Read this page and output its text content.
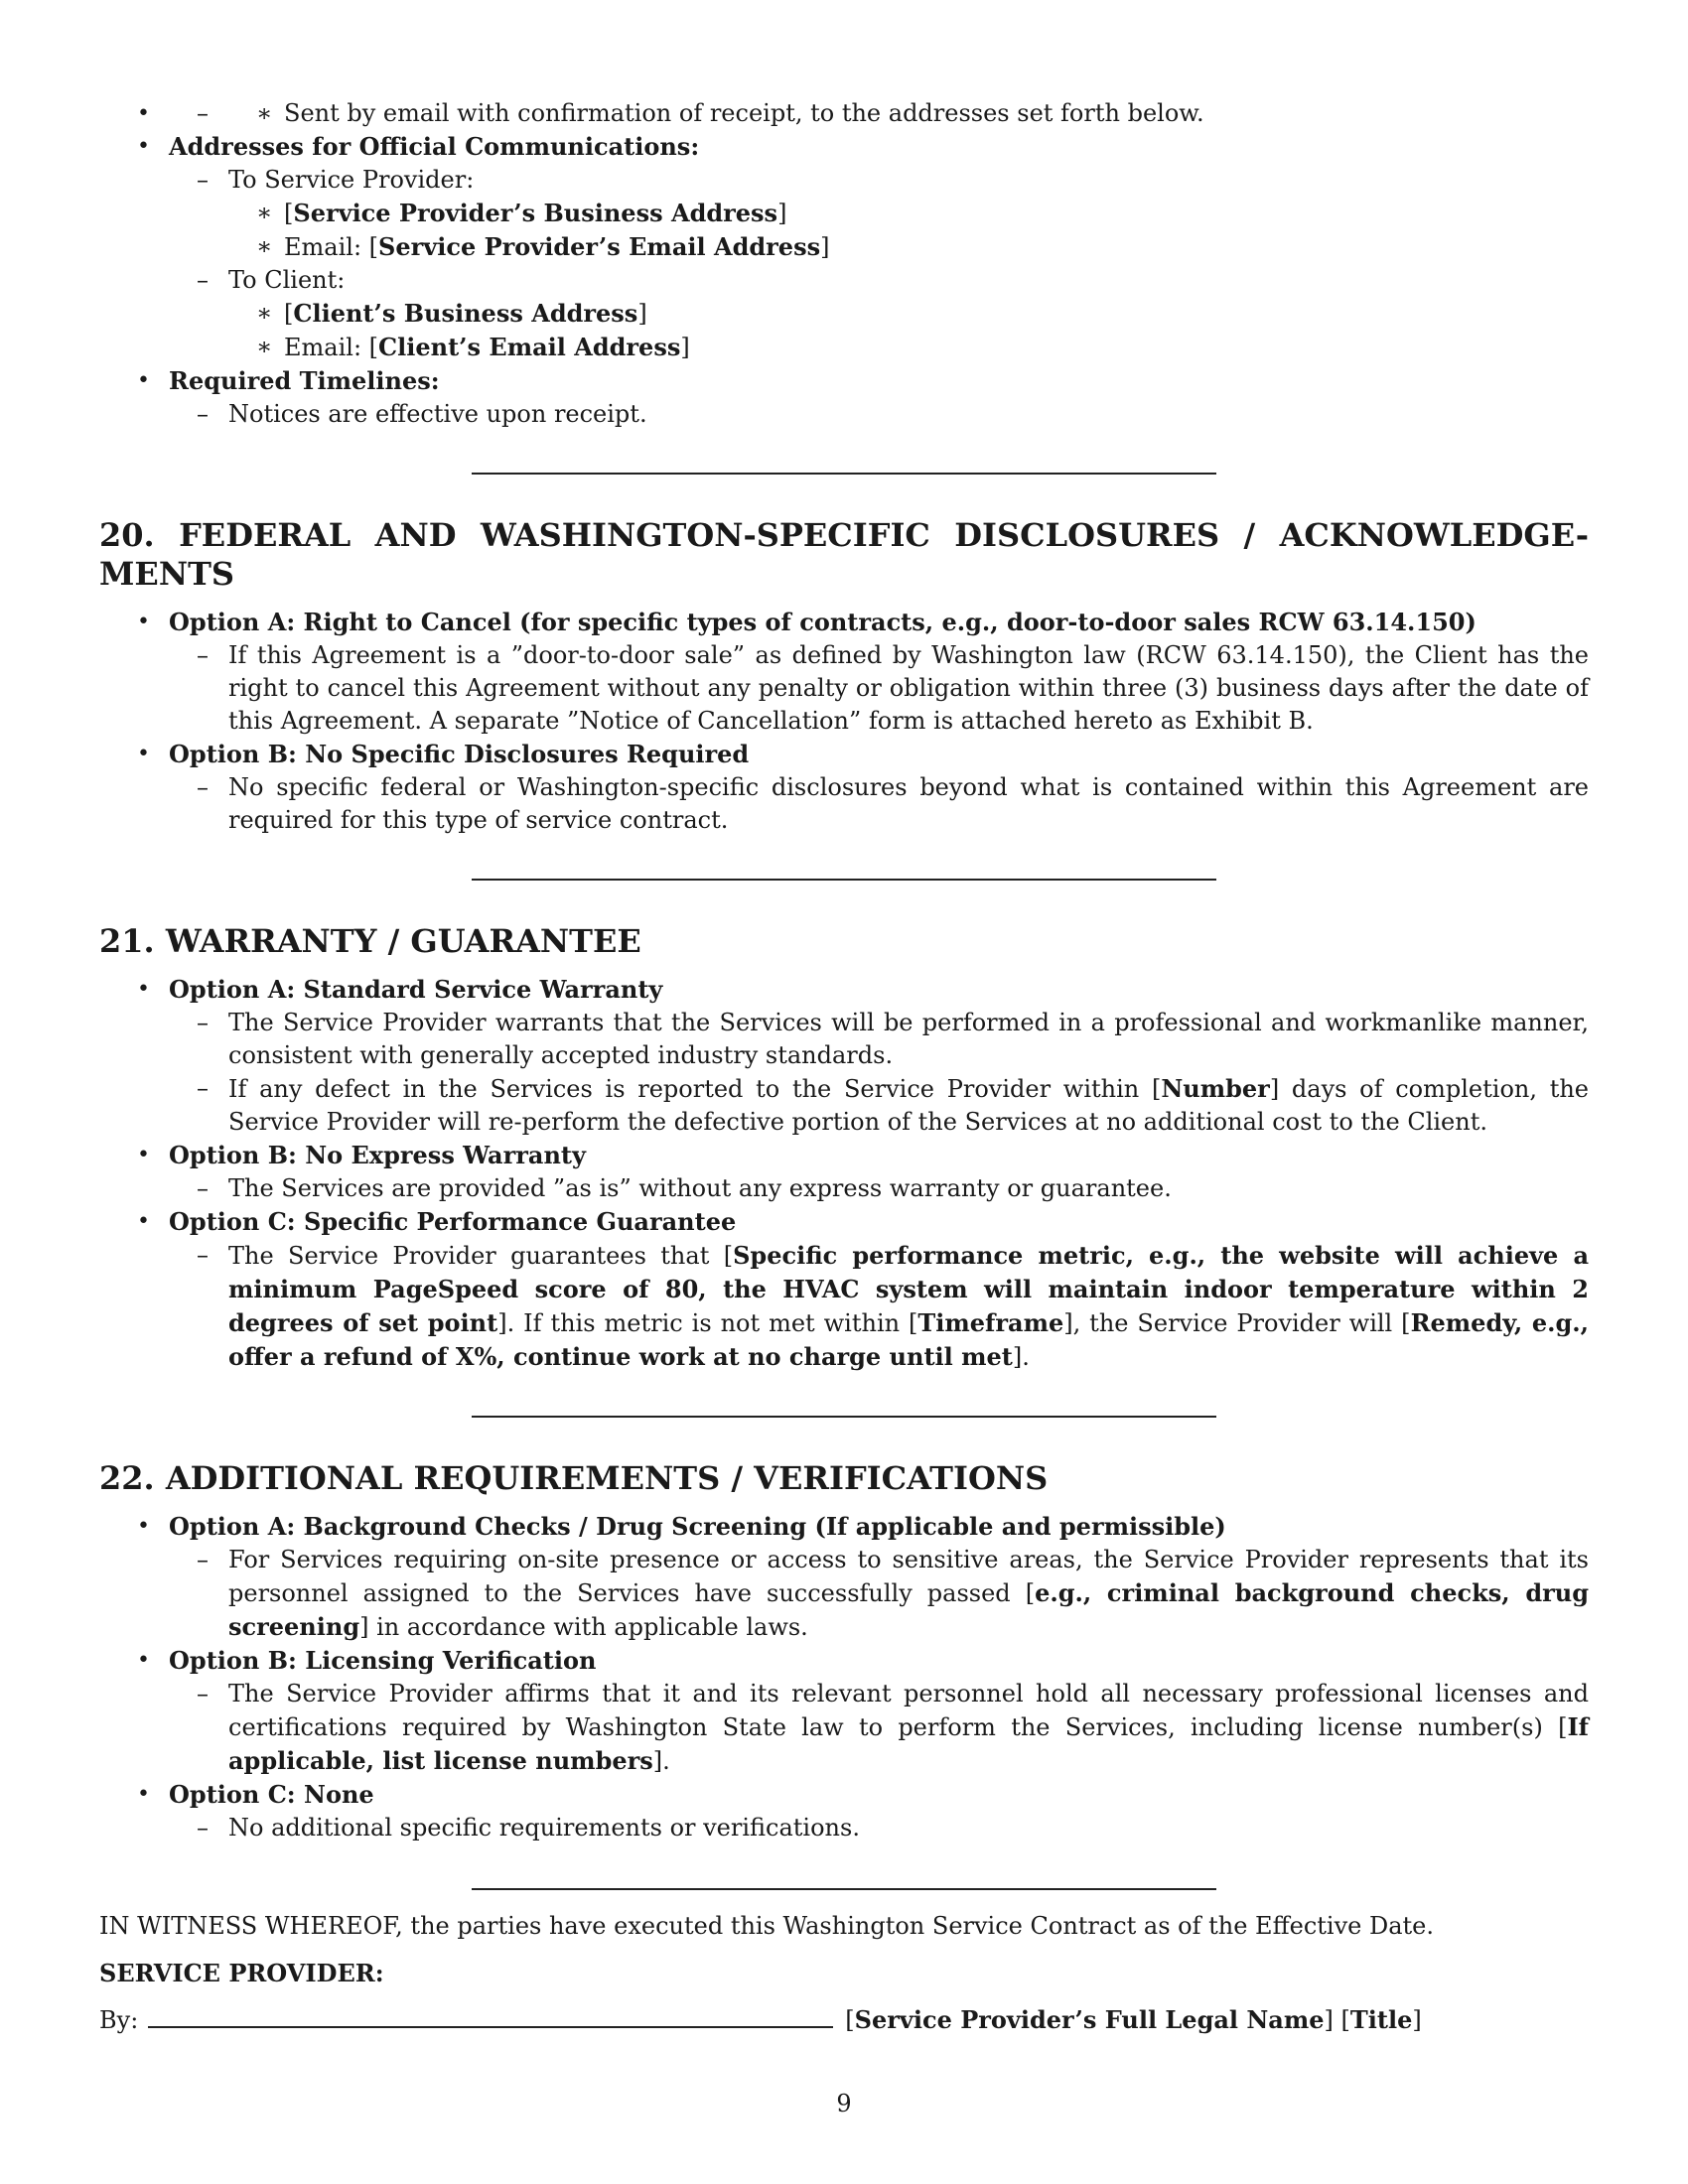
∗ – • Sent by email with confirmation of receipt, to the addresses set forth below.
• Addresses for Official Communications:
– To Service Provider:
∗ [Service Provider’s Business Address]
∗ Email: [Service Provider’s Email Address]
– To Client:
∗ [Client’s Business Address]
∗ Email: [Client’s Email Address]
• Required Timelines:
– Notices are effective upon receipt.
20. FEDERAL AND WASHINGTON-SPECIFIC DISCLOSURES / ACKNOWLEDGE-MENTS
• Option A: Right to Cancel (for specific types of contracts, e.g., door-to-door sales RCW 63.14.150)
– If this Agreement is a ”door-to-door sale” as defined by Washington law (RCW 63.14.150), the Client has the right to cancel this Agreement without any penalty or obligation within three (3) business days after the date of this Agreement. A separate ”Notice of Cancellation” form is attached hereto as Exhibit B.
• Option B: No Specific Disclosures Required
– No specific federal or Washington-specific disclosures beyond what is contained within this Agreement are required for this type of service contract.
21. WARRANTY / GUARANTEE
• Option A: Standard Service Warranty
– The Service Provider warrants that the Services will be performed in a professional and workmanlike manner, consistent with generally accepted industry standards.
– If any defect in the Services is reported to the Service Provider within [Number] days of completion, the Service Provider will re-perform the defective portion of the Services at no additional cost to the Client.
• Option B: No Express Warranty
– The Services are provided ”as is” without any express warranty or guarantee.
• Option C: Specific Performance Guarantee
– The Service Provider guarantees that [Specific performance metric, e.g., the website will achieve a minimum PageSpeed score of 80, the HVAC system will maintain indoor temperature within 2 degrees of set point]. If this metric is not met within [Timeframe], the Service Provider will [Remedy, e.g., offer a refund of X%, continue work at no charge until met].
22. ADDITIONAL REQUIREMENTS / VERIFICATIONS
• Option A: Background Checks / Drug Screening (If applicable and permissible)
– For Services requiring on-site presence or access to sensitive areas, the Service Provider represents that its personnel assigned to the Services have successfully passed [e.g., criminal background checks, drug screening] in accordance with applicable laws.
• Option B: Licensing Verification
– The Service Provider affirms that it and its relevant personnel hold all necessary professional licenses and certifications required by Washington State law to perform the Services, including license number(s) [If applicable, list license numbers].
• Option C: None
– No additional specific requirements or verifications.

IN WITNESS WHEREOF, the parties have executed this Washington Service Contract as of the Effective Date.

SERVICE PROVIDER:

By:	[Service Provider’s Full Legal Name] [Title]
9
